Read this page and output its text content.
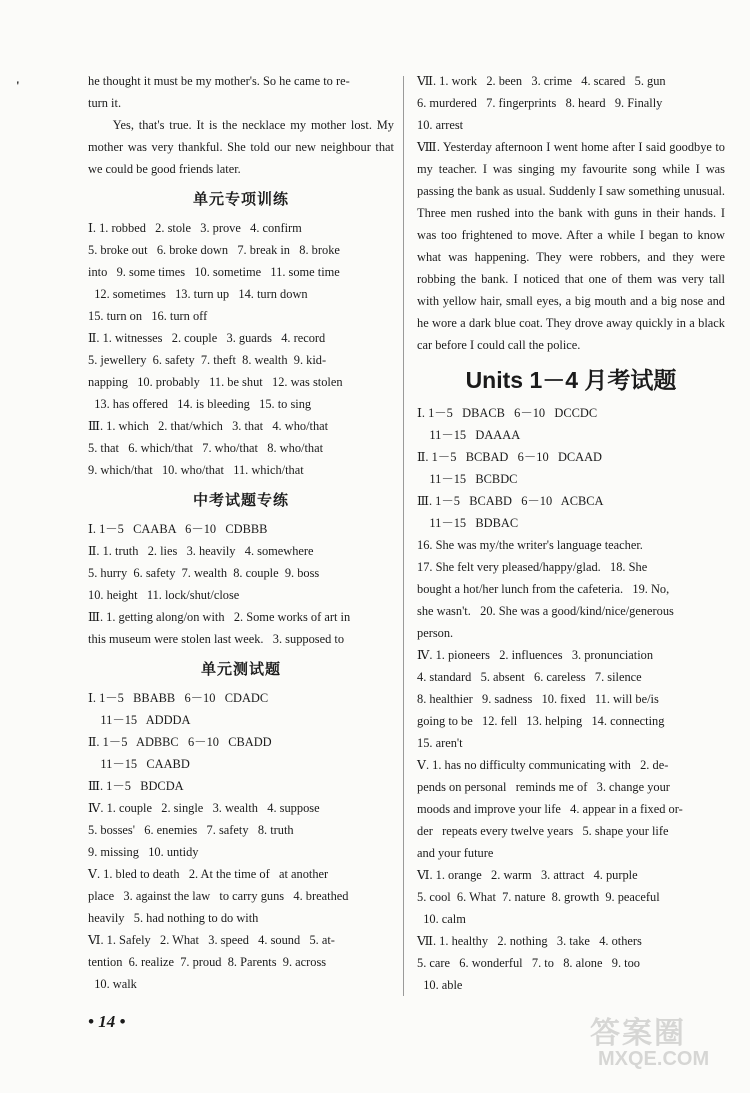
'	he thought it must be my mother's. So he came to re-

turn it.

Yes, that's true. It is the necklace my mother lost. My mother was very thankful. She told our new neighbour that we could be good friends later.

单元专项训练

Ⅰ. 1. robbed   2. stole   3. prove   4. confirm

5. broke out   6. broke down   7. break in   8. broke

into   9. some times   10. sometime   11. some time

12. sometimes   13. turn up   14. turn down

15. turn on   16. turn off

Ⅱ. 1. witnesses   2. couple   3. guards   4. record

5. jewellery  6. safety  7. theft  8. wealth  9. kid-

napping   10. probably   11. be shut   12. was stolen

13. has offered   14. is bleeding   15. to sing

Ⅲ. 1. which   2. that/which   3. that   4. who/that

5. that   6. which/that   7. who/that   8. who/that

9. which/that   10. who/that   11. which/that

中考试题专练

Ⅰ. 1－5   CAABA   6－10   CDBBB

Ⅱ. 1. truth   2. lies   3. heavily   4. somewhere

5. hurry  6. safety  7. wealth  8. couple  9. boss

10. height   11. lock/shut/close

Ⅲ. 1. getting along/on with   2. Some works of art in

this museum were stolen last week.   3. supposed to

单元测试题

Ⅰ. 1－5   BBABB   6－10   CDADC

11－15   ADDDA

Ⅱ. 1－5   ADBBC   6－10   CBADD

11－15   CAABD

Ⅲ. 1－5   BDCDA

Ⅳ. 1. couple   2. single   3. wealth   4. suppose

5. bosses'   6. enemies   7. safety   8. truth

9. missing   10. untidy

Ⅴ. 1. bled to death   2. At the time of   at another

place   3. against the law   to carry guns   4. breathed

heavily   5. had nothing to do with

Ⅵ. 1. Safely   2. What   3. speed   4. sound   5. at-

tention  6. realize  7. proud  8. Parents  9. across

10. walk

Ⅶ. 1. work   2. been   3. crime   4. scared   5. gun

6. murdered   7. fingerprints   8. heard   9. Finally

10. arrest

Ⅷ. Yesterday afternoon I went home after I said goodbye to my teacher. I was singing my favourite song while I was passing the bank as usual. Suddenly I saw something unusual. Three men rushed into the bank with guns in their hands. I was too frightened to move. After a while I began to know what was happening. They were robbers, and they were robbing the bank. I noticed that one of them was very tall with yellow hair, small eyes, a big mouth and a big nose and he wore a dark blue coat. They drove away quickly in a black car before I could call the police.

Units 1－4 月考试题

Ⅰ. 1－5   DBACB   6－10   DCCDC

11－15   DAAAA

Ⅱ. 1－5   BCBAD   6－10   DCAAD

11－15   BCBDC

Ⅲ. 1－5   BCABD   6－10   ACBCA

11－15   BDBAC

16. She was my/the writer's language teacher.

17. She felt very pleased/happy/glad.   18. She

bought a hot/her lunch from the cafeteria.   19. No,

she wasn't.   20. She was a good/kind/nice/generous

person.

Ⅳ. 1. pioneers   2. influences   3. pronunciation

4. standard   5. absent   6. careless   7. silence

8. healthier   9. sadness   10. fixed   11. will be/is

going to be   12. fell   13. helping   14. connecting

15. aren't

Ⅴ. 1. has no difficulty communicating with   2. de-

pends on personal   reminds me of   3. change your

moods and improve your life   4. appear in a fixed or-

der   repeats every twelve years   5. shape your life

and your future

Ⅵ. 1. orange   2. warm   3. attract   4. purple

5. cool  6. What  7. nature  8. growth  9. peaceful

10. calm

Ⅶ. 1. healthy   2. nothing   3. take   4. others

5. care   6. wonderful   7. to   8. alone   9. too

10. able

• 14 •	答案圈
MXQE.COM
